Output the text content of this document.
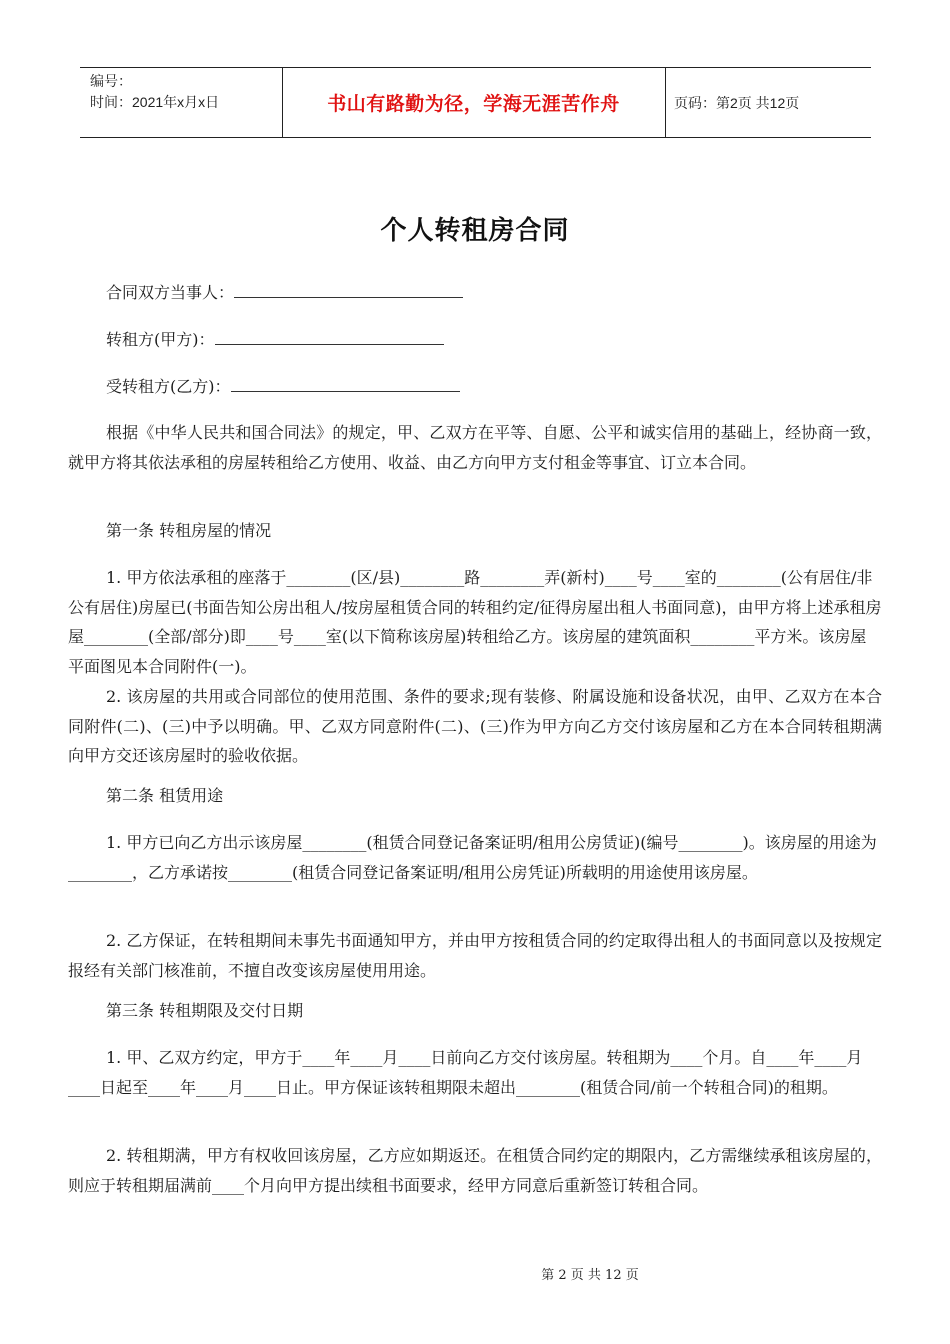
编号：
时间：2021年x月x日	书山有路勤为径，学海无涯苦作舟	页码：第2页 共12页
个人转租房合同
合同双方当事人：
转租方(甲方)：
受转租方(乙方)：
根据《中华人民共和国合同法》的规定，甲、乙双方在平等、自愿、公平和诚实信用的基础上，经协商一致，就甲方将其依法承租的房屋转租给乙方使用、收益、由乙方向甲方支付租金等事宜、订立本合同。
第一条 转租房屋的情况
1. 甲方依法承租的座落于________(区/县)________路________弄(新村)____号____室的________(公有居住/非公有居住)房屋已(书面告知公房出租人/按房屋租赁合同的转租约定/征得房屋出租人书面同意)，由甲方将上述承租房屋________(全部/部分)即____号____室(以下简称该房屋)转租给乙方。该房屋的建筑面积________平方米。该房屋平面图见本合同附件(一)。
2. 该房屋的共用或合同部位的使用范围、条件的要求;现有装修、附属设施和设备状况，由甲、乙双方在本合同附件(二)、(三)中予以明确。甲、乙双方同意附件(二)、(三)作为甲方向乙方交付该房屋和乙方在本合同转租期满向甲方交还该房屋时的验收依据。
第二条 租赁用途
1. 甲方已向乙方出示该房屋________(租赁合同登记备案证明/租用公房赁证)(编号________)。该房屋的用途为________，乙方承诺按________(租赁合同登记备案证明/租用公房凭证)所载明的用途使用该房屋。
2. 乙方保证，在转租期间未事先书面通知甲方，并由甲方按租赁合同的约定取得出租人的书面同意以及按规定报经有关部门核准前，不擅自改变该房屋使用用途。
第三条 转租期限及交付日期
1. 甲、乙双方约定，甲方于____年____月____日前向乙方交付该房屋。转租期为____个月。自____年____月____日起至____年____月____日止。甲方保证该转租期限未超出________(租赁合同/前一个转租合同)的租期。
2. 转租期满，甲方有权收回该房屋，乙方应如期返还。在租赁合同约定的期限内，乙方需继续承租该房屋的，则应于转租期届满前____个月向甲方提出续租书面要求，经甲方同意后重新签订转租合同。
第 2 页 共 12 页
